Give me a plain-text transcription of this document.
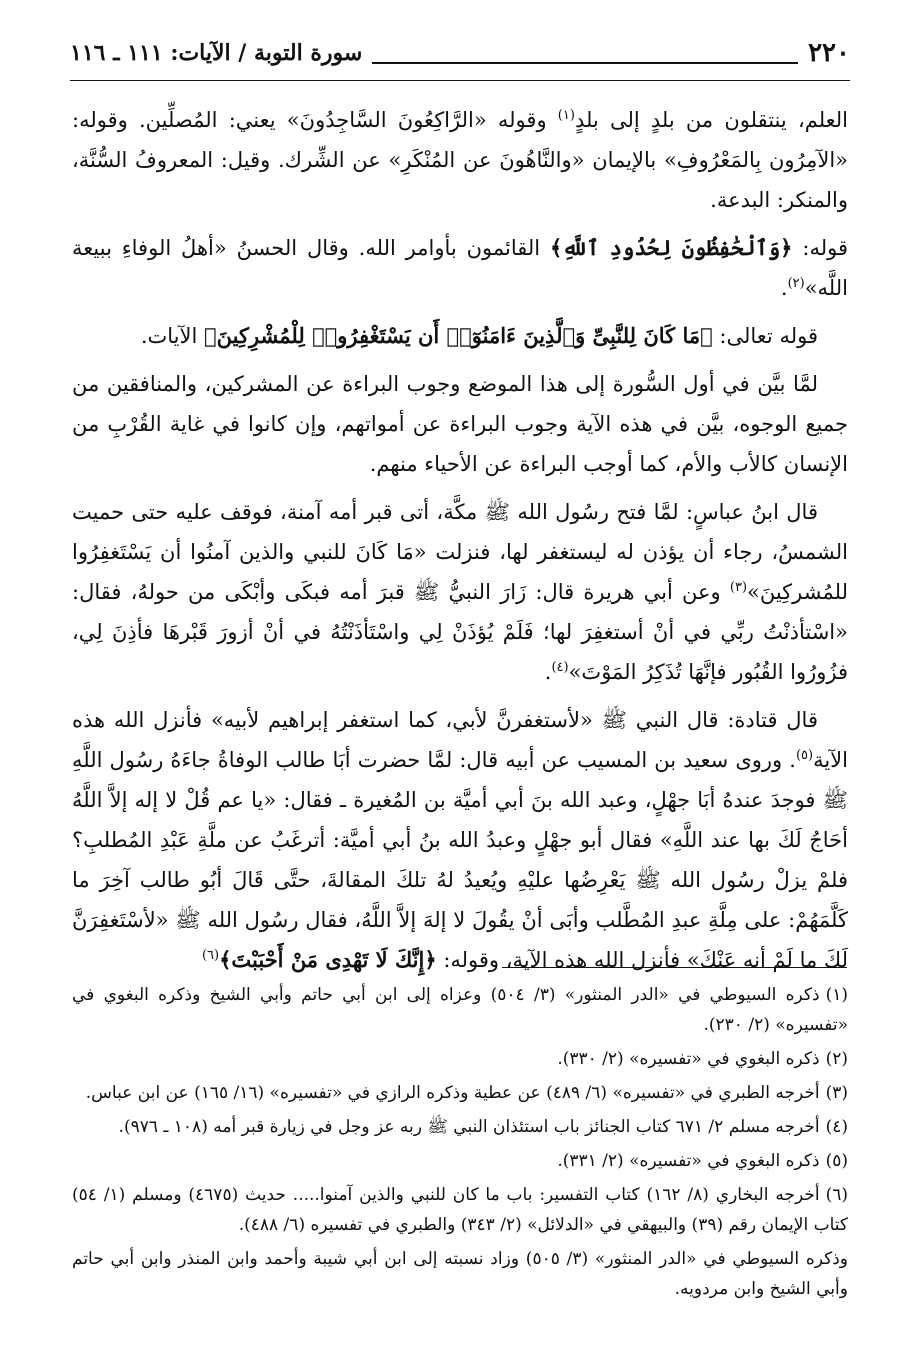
٢٢٠
سورة التوبة / الآيات: ١١١ ـ ١١٦

العلم، ينتقلون من بلدٍ إلى بلدٍ$^{(١)}$ وقوله «الرَّاكِعُونَ السَّاجِدُونَ» يعني: المُصلِّين. وقوله: «الآمِرُون بِالمَعْرُوفِ» بالإيمان «والنَّاهُونَ عن المُنْكَرِ» عن الشِّرك. وقيل: المعروفُ السُّنَّة، والمنكر: البدعة.

قوله: ﴿وَٱلْحَٰفِظُونَ لِحُدُودِ ٱللَّهِ﴾ القائمون بأوامر الله. وقال الحسنُ «أهلُ الوفاءِ ببيعة اللَّه»$^{(٢)}$.

قوله تعالى: ﴿مَا كَانَ لِلنَّبِىِّ وَٱلَّذِينَ ءَامَنُوٓا۟ أَن يَسْتَغْفِرُوا۟ لِلْمُشْرِكِينَ﴾ الآيات.

لمَّا بيَّن في أول السُّورة إلى هذا الموضع وجوب البراءة عن المشركين، والمنافقين من جميع الوجوه، بيَّن في هذه الآية وجوب البراءة عن أمواتهم، وإن كانوا في غاية القُرْبِ من الإنسان كالأب والأم، كما أوجب البراءة عن الأحياء منهم.

قال ابنُ عباسٍ: لمَّا فتح رسُول الله ﷺ مكَّة، أتى قبر أمه آمنة، فوقف عليه حتى حميت الشمسُ، رجاء أن يؤذن له ليستغفر لها، فنزلت «مَا كَانَ للنبي والذين آمنُوا أن يَسْتَغفِرُوا للمُشركِينَ»$^{(٣)}$ وعن أبي هريرة قال: زَارَ النبيُّ ﷺ قبرَ أمه فبكَى وأبْكَى من حولهُ، فقال: «اسْتأذنْتُ ربِّي في أنْ أستغفِرَ لها؛ فَلَمْ يُؤذَنْ لِي واسْتَأذَنْتُهُ في أنْ أزورَ قَبْرهَا فأذِنَ لِي، فزُورُوا القُبُور فإنَّهَا تُذَكِرُ المَوْتَ»$^{(٤)}$.

قال قتادة: قال النبي ﷺ «لأستغفرنَّ لأبي، كما استغفر إبراهيم لأبيه» فأنزل الله هذه الآية$^{(٥)}$. وروى سعيد بن المسيب عن أبيه قال: لمَّا حضرت أبَا طالب الوفاةُ جاءَهُ رسُول اللَّهِ ﷺ فوجدَ عندهُ أبَا جهْلٍ، وعبد الله بنَ أبي أميَّة بن المُغيرة ـ فقال: «يا عم قُلْ لا إله إلاَّ اللَّهُ أحَاجُ لَكَ بها عند اللَّهِ» فقال أبو جهْلٍ وعبدُ الله بنُ أبي أميَّة: أترغَبُ عن ملَّةِ عَبْدِ المُطلبِ؟ فلمْ يزلْ رسُول الله ﷺ يَعْرِضُها عليْهِ ويُعيدُ لهُ تلكَ المقالةَ، حتَّى قَالَ أبُو طالب آخِرَ ما كَلَّمَهُمْ: على مِلَّةِ عبدِ المُطَّلب وأبَى أنْ يقُولَ لا إلهَ إلاَّ اللَّهُ، فقال رسُول الله ﷺ «لأسْتَغفِرَنَّ لَكَ ما لَمْ أنه عَنْكَ» فأنزل الله هذه الآية، وقوله: ﴿إِنَّكَ لَا تَهْدِى مَنْ أَحْبَبْتَ﴾$^{(٦)}$

(١)ذكره السيوطي في «الدر المنثور» (٣/ ٥٠٤) وعزاه إلى ابن أبي حاتم وأبي الشيخ وذكره البغوي في «تفسيره» (٢/ ٢٣٠).

(٢)ذكره البغوي في «تفسيره» (٢/ ٣٣٠).

(٣)أخرجه الطبري في «تفسيره» (٦/ ٤٨٩) عن عطية وذكره الرازي في «تفسيره» (١٦/ ١٦٥) عن ابن عباس.

(٤)أخرجه مسلم ٢/ ٦٧١ كتاب الجنائز باب استئذان النبي ﷺ ربه عز وجل في زيارة قبر أمه (١٠٨ ـ ٩٧٦).

(٥)ذكره البغوي في «تفسيره» (٢/ ٣٣١).

(٦)أخرجه البخاري (٨/ ١٦٢) كتاب التفسير: باب ما كان للنبي والذين آمنوا..... حديث (٤٦٧٥) ومسلم (١/ ٥٤) كتاب الإيمان رقم (٣٩) والبيهقي في «الدلائل» (٢/ ٣٤٣) والطبري في تفسيره (٦/ ٤٨٨).

وذكره السيوطي في «الدر المنثور» (٣/ ٥٠٥) وزاد نسبته إلى ابن أبي شيبة وأحمد وابن المنذر وابن أبي حاتم وأبي الشيخ وابن مردويه.
